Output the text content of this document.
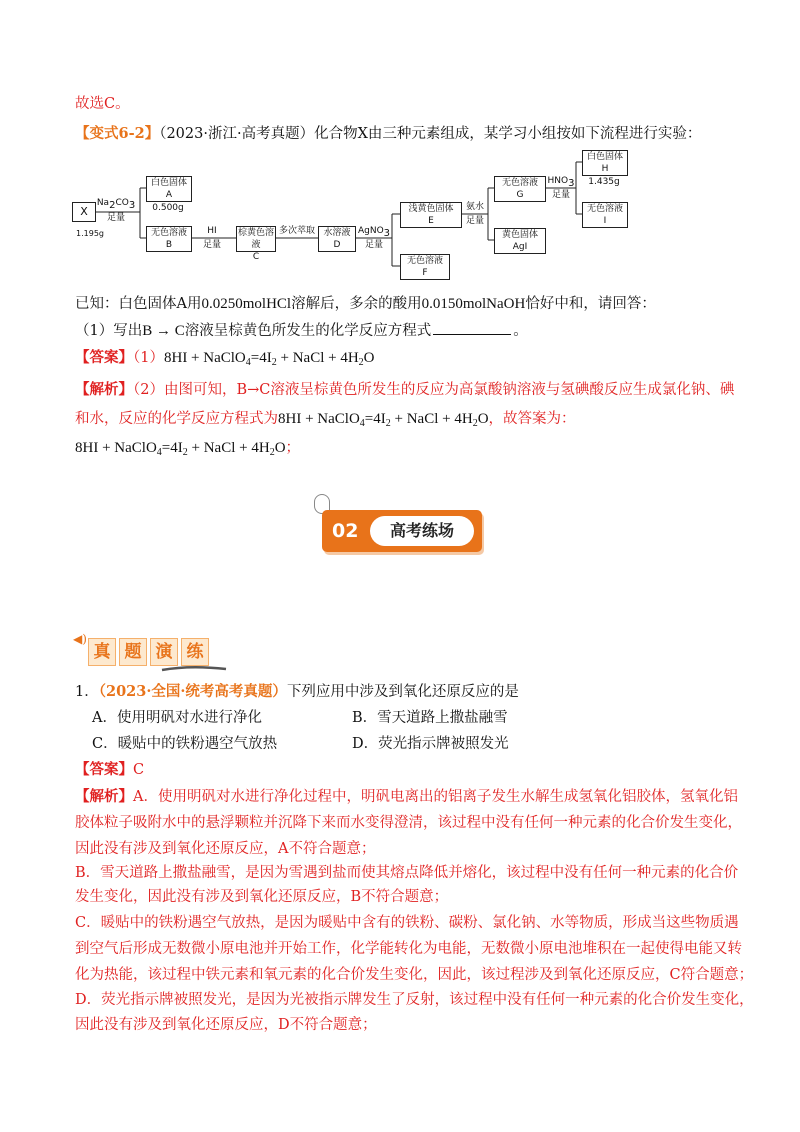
故选C。
【变式6-2】（2023·浙江·高考真题）化合物X由三种元素组成，某学习小组按如下流程进行实验：
X
1.195g
$Na_2CO_3$
足量
白色固体
A
0.500g
无色溶液
B
HI
足量
棕黄色溶液
C
多次萃取 水溶液
D
AgNO$_3$
足量
浅黄色固体
E
无色溶液
F
氨水
足量
无色溶液
G
黄色固体
AgI
$HNO_3$
足量
白色固体
H
1.435g
无色溶液
I
已知：白色固体A用0.0250molHCl溶解后，多余的酸用0.0150molNaOH恰好中和，请回答：
（1）写出B → C溶液呈棕黄色所发生的化学反应方程式	。
【答案】$(1)8HI + NaClO_4=4I_2$ + NaCl + $4H_2O$
【解析】（2）由图可知，B→C溶液呈棕黄色所发生的反应为高氯酸钠溶液与氢碘酸反应生成氯化钠、碘
和水，反应的化学反应方程式为$8HI + NaClO_4=4I_2$ + NaCl + $4H_2O$，故答案为：
$8HI + NaClO_4=4I_2$ + NaCl + $4H_2O$；
02	高考练场
◀)
真 题 演 练
1．（2023·全国·统考高考真题）下列应用中涉及到氧化还原反应的是
A．使用明矾对水进行净化	B．雪天道路上撒盐融雪
C．暖贴中的铁粉遇空气放热	D．荧光指示牌被照发光
【答案】C
【解析】A．使用明矾对水进行净化过程中，明矾电离出的铝离子发生水解生成氢氧化铝胶体，氢氧化铝
胶体粒子吸附水中的悬浮颗粒并沉降下来而水变得澄清，该过程中没有任何一种元素的化合价发生变化，
因此没有涉及到氧化还原反应，A不符合题意；
B．雪天道路上撒盐融雪，是因为雪遇到盐而使其熔点降低并熔化，该过程中没有任何一种元素的化合价
发生变化，因此没有涉及到氧化还原反应，B不符合题意；
C．暖贴中的铁粉遇空气放热，是因为暖贴中含有的铁粉、碳粉、氯化钠、水等物质，形成当这些物质遇
到空气后形成无数微小原电池并开始工作，化学能转化为电能，无数微小原电池堆积在一起使得电能又转
化为热能，该过程中铁元素和氧元素的化合价发生变化，因此，该过程涉及到氧化还原反应，C符合题意；
D．荧光指示牌被照发光，是因为光被指示牌发生了反射，该过程中没有任何一种元素的化合价发生变化，
因此没有涉及到氧化还原反应，D不符合题意；
